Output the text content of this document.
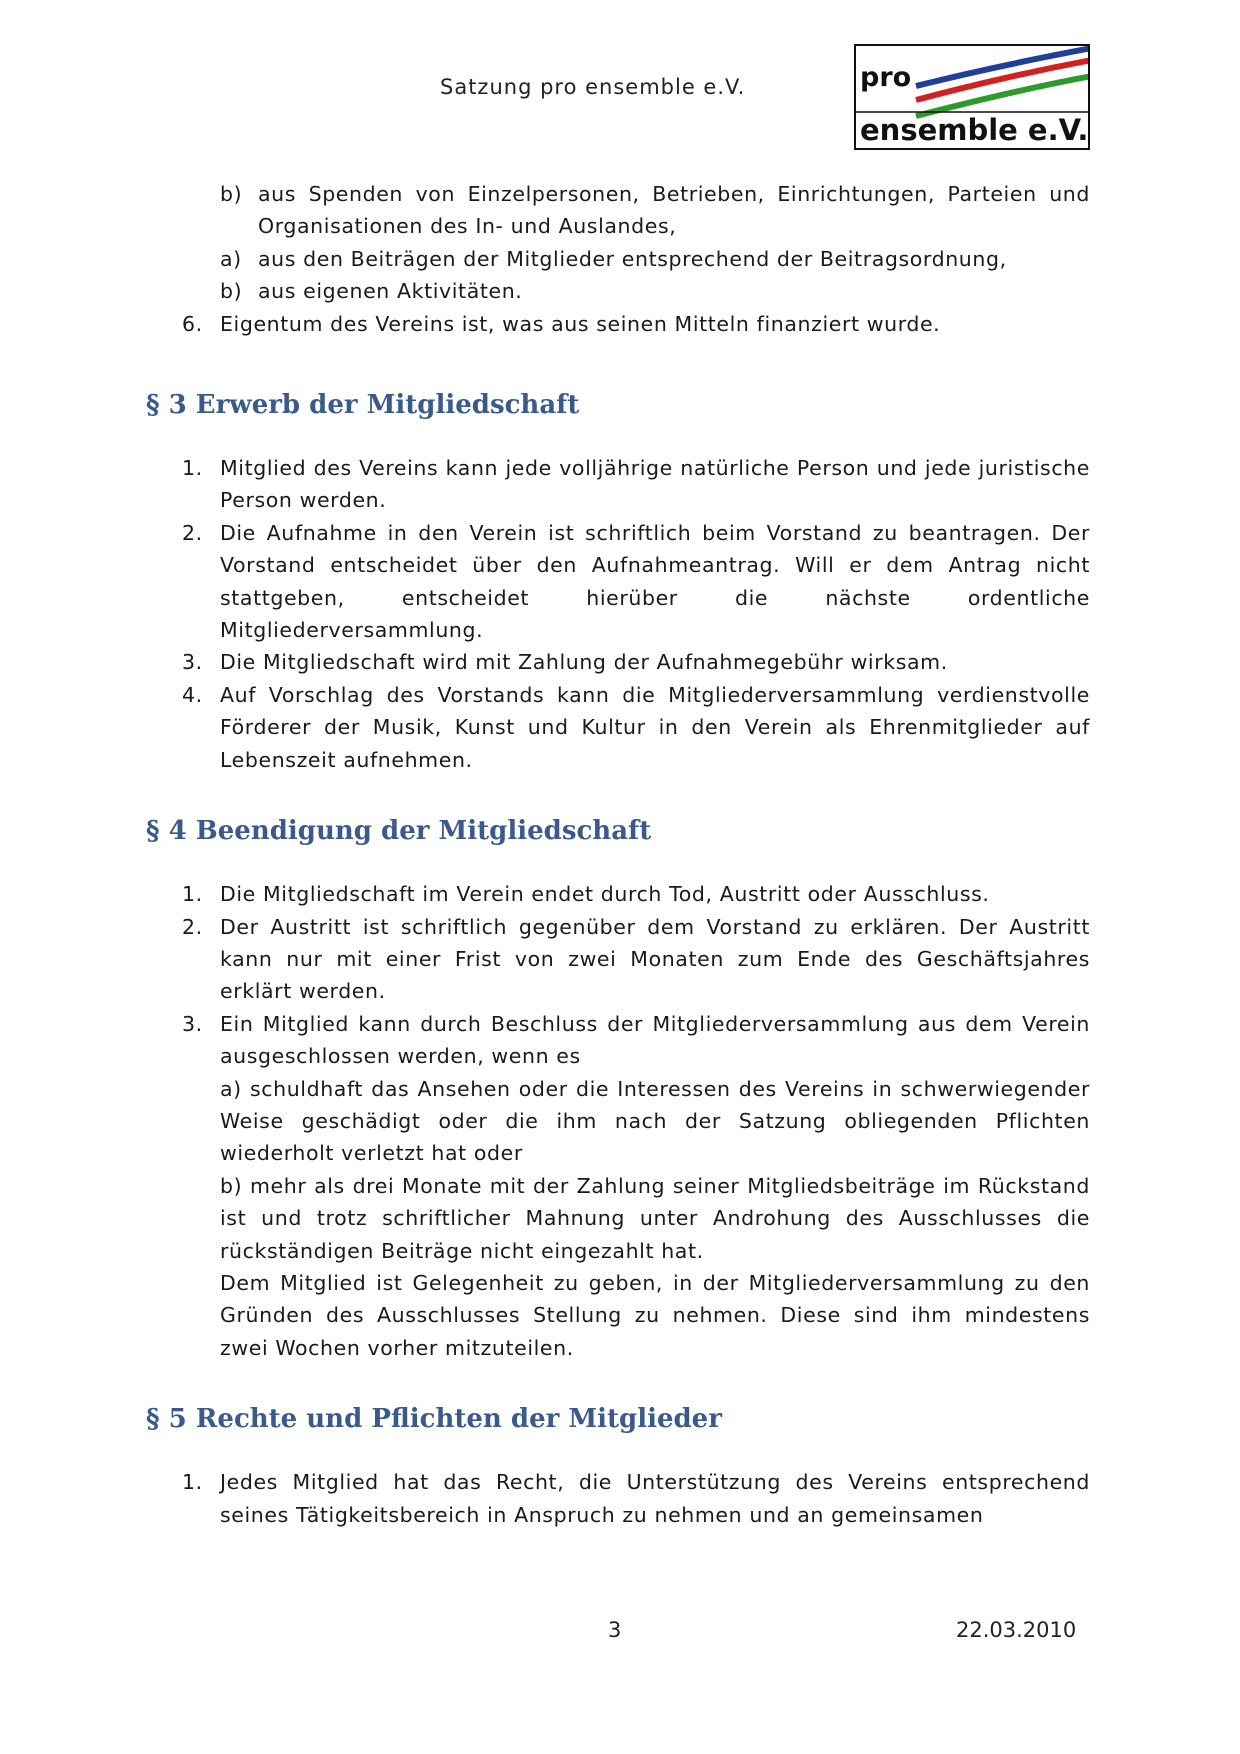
Satzung pro ensemble e.V.	pro
ensemble e.V.
b) aus Spenden von Einzelpersonen, Betrieben, Einrichtungen, Parteien und Organisationen des In- und Auslandes,
a) aus den Beiträgen der Mitglieder entsprechend der Beitragsordnung,
b) aus eigenen Aktivitäten.
6. Eigentum des Vereins ist, was aus seinen Mitteln finanziert wurde.
§ 3 Erwerb der Mitgliedschaft
1. Mitglied des Vereins kann jede volljährige natürliche Person und jede juristische Person werden.
2. Die Aufnahme in den Verein ist schriftlich beim Vorstand zu beantragen. Der Vorstand entscheidet über den Aufnahmeantrag. Will er dem Antrag nicht stattgeben, entscheidet hierüber die nächste ordentliche Mitgliederversammlung.
3. Die Mitgliedschaft wird mit Zahlung der Aufnahmegebühr wirksam.
4. Auf Vorschlag des Vorstands kann die Mitgliederversammlung verdienstvolle Förderer der Musik, Kunst und Kultur in den Verein als Ehrenmitglieder auf Lebenszeit aufnehmen.
§ 4 Beendigung der Mitgliedschaft
1. Die Mitgliedschaft im Verein endet durch Tod, Austritt oder Ausschluss.
2. Der Austritt ist schriftlich gegenüber dem Vorstand zu erklären. Der Austritt kann nur mit einer Frist von zwei Monaten zum Ende des Geschäftsjahres erklärt werden.
3. Ein Mitglied kann durch Beschluss der Mitgliederversammlung aus dem Verein ausgeschlossen werden, wenn es
a) schuldhaft das Ansehen oder die Interessen des Vereins in schwerwiegender Weise geschädigt oder die ihm nach der Satzung obliegenden Pflichten wiederholt verletzt hat oder
b) mehr als drei Monate mit der Zahlung seiner Mitgliedsbeiträge im Rückstand ist und trotz schriftlicher Mahnung unter Androhung des Ausschlusses die rückständigen Beiträge nicht eingezahlt hat.
Dem Mitglied ist Gelegenheit zu geben, in der Mitgliederversammlung zu den Gründen des Ausschlusses Stellung zu nehmen. Diese sind ihm mindestens zwei Wochen vorher mitzuteilen.
§ 5 Rechte und Pflichten der Mitglieder
1. Jedes Mitglied hat das Recht, die Unterstützung des Vereins entsprechend seines Tätigkeitsbereich in Anspruch zu nehmen und an gemeinsamen
3	22.03.2010
